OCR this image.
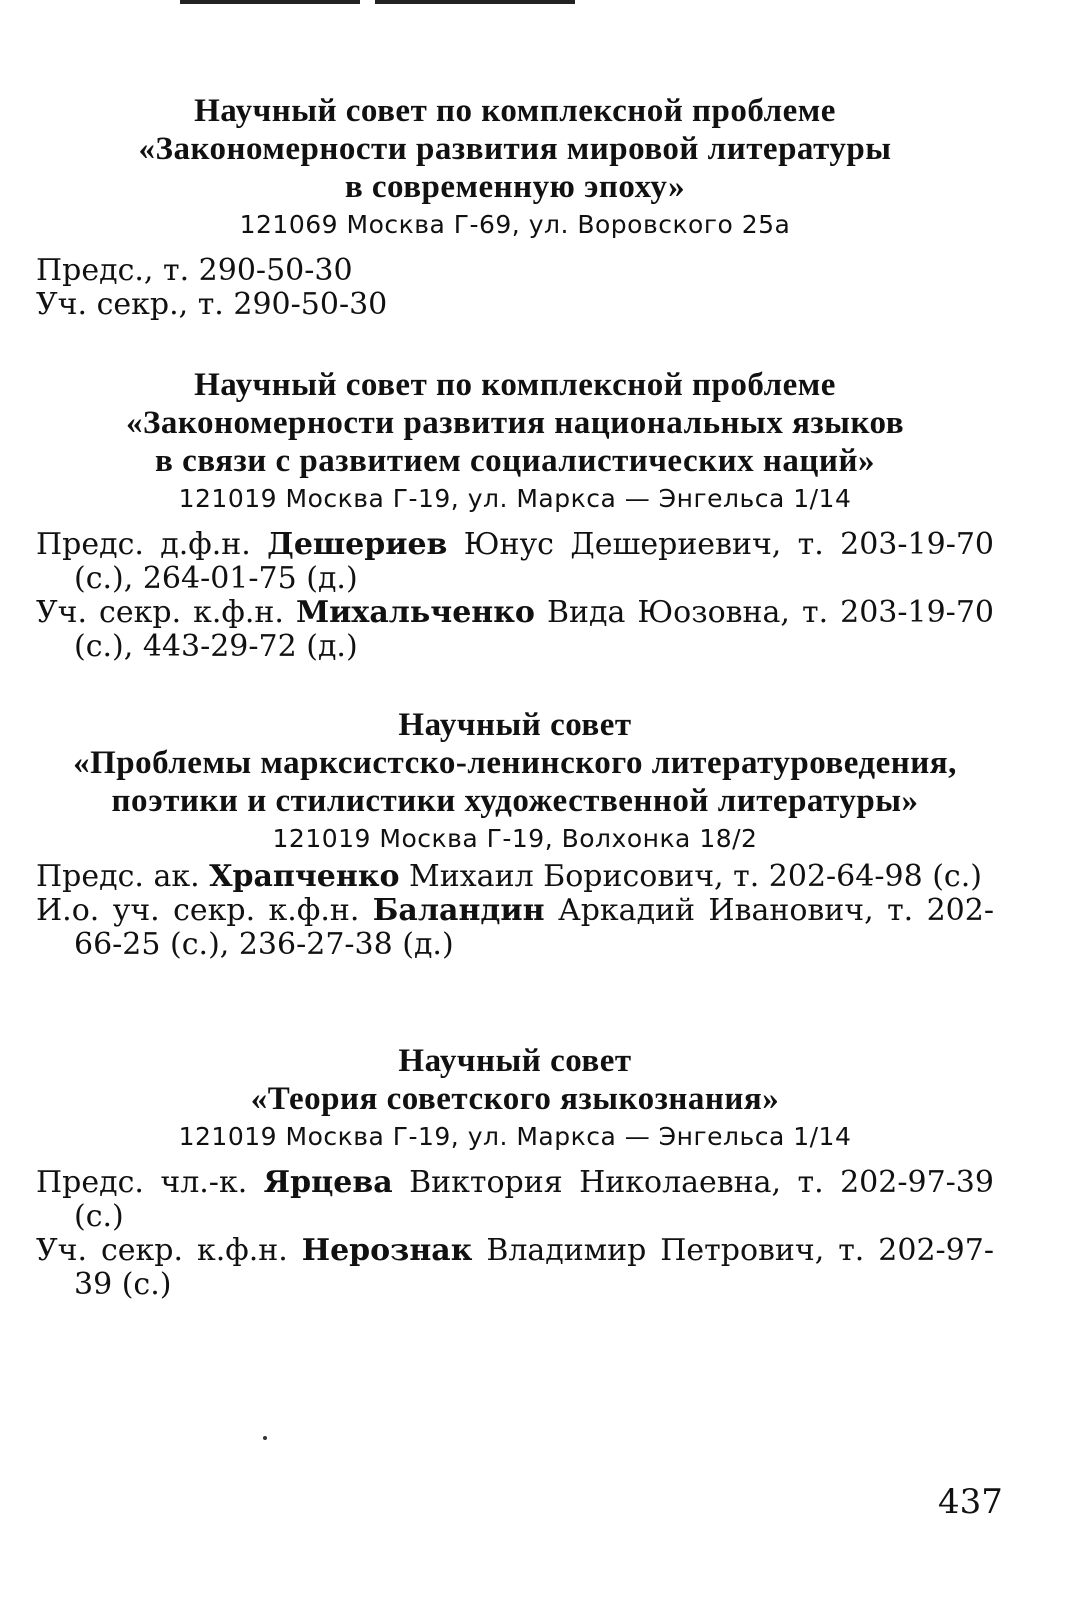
Научный совет по комплексной проблеме
«Закономерности развития мировой литературы
в современную эпоху»
121069 Москва Г-69, ул. Воровского 25а
Предс., т. 290-50-30
Уч. секр., т. 290-50-30
Научный совет по комплексной проблеме
«Закономерности развития национальных языков
в связи с развитием социалистических наций»
121019 Москва Г-19, ул. Маркса — Энгельса 1/14
Предс. д.ф.н. Дешериев Юнус Дешериевич, т. 203-19-70 (с.), 264-01-75 (д.)
Уч. секр. к.ф.н. Михальченко Вида Юозовна, т. 203-19-70 (с.), 443-29-72 (д.)
Научный совет
«Проблемы марксистско-ленинского литературоведения,
поэтики и стилистики художественной литературы»
121019 Москва Г-19, Волхонка 18/2
Предс. ак. Храпченко Михаил Борисович, т. 202-64-98 (с.)
И.о. уч. секр. к.ф.н. Баландин Аркадий Иванович, т. 202-66-25 (с.), 236-27-38 (д.)
Научный совет
«Теория советского языкознания»
121019 Москва Г-19, ул. Маркса — Энгельса 1/14
Предс. чл.-к. Ярцева Виктория Николаевна, т. 202-97-39 (с.)
Уч. секр. к.ф.н. Нерознак Владимир Петрович, т. 202-97-39 (с.)
437
